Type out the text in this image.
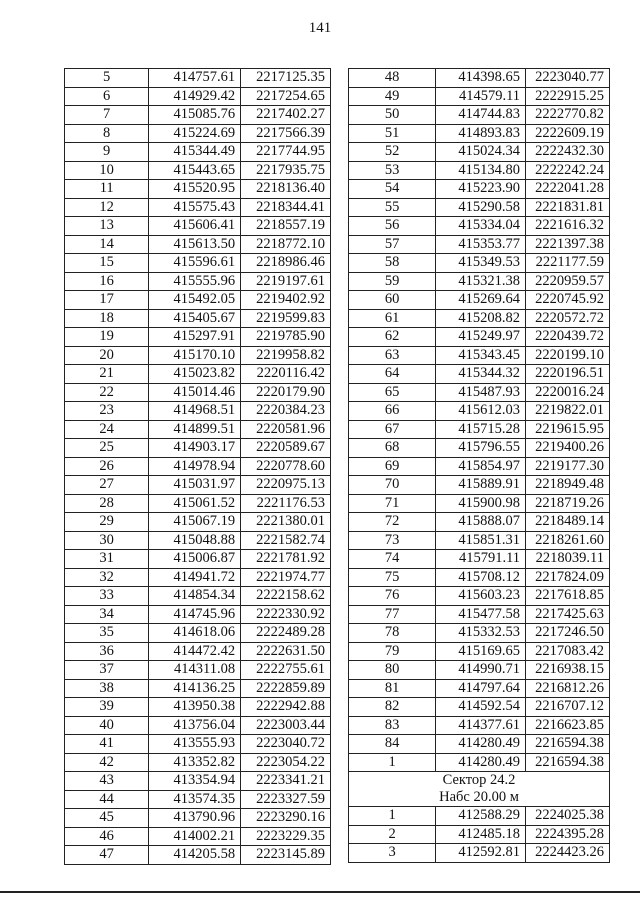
141
5	414757.61	2217125.35
6	414929.42	2217254.65
7	415085.76	2217402.27
8	415224.69	2217566.39
9	415344.49	2217744.95
10	415443.65	2217935.75
11	415520.95	2218136.40
12	415575.43	2218344.41
13	415606.41	2218557.19
14	415613.50	2218772.10
15	415596.61	2218986.46
16	415555.96	2219197.61
17	415492.05	2219402.92
18	415405.67	2219599.83
19	415297.91	2219785.90
20	415170.10	2219958.82
21	415023.82	2220116.42
22	415014.46	2220179.90
23	414968.51	2220384.23
24	414899.51	2220581.96
25	414903.17	2220589.67
26	414978.94	2220778.60
27	415031.97	2220975.13
28	415061.52	2221176.53
29	415067.19	2221380.01
30	415048.88	2221582.74
31	415006.87	2221781.92
32	414941.72	2221974.77
33	414854.34	2222158.62
34	414745.96	2222330.92
35	414618.06	2222489.28
36	414472.42	2222631.50
37	414311.08	2222755.61
38	414136.25	2222859.89
39	413950.38	2222942.88
40	413756.04	2223003.44
41	413555.93	2223040.72
42	413352.82	2223054.22
43	413354.94	2223341.21
44	413574.35	2223327.59
45	413790.96	2223290.16
46	414002.21	2223229.35
47	414205.58	2223145.89
48	414398.65	2223040.77
49	414579.11	2222915.25
50	414744.83	2222770.82
51	414893.83	2222609.19
52	415024.34	2222432.30
53	415134.80	2222242.24
54	415223.90	2222041.28
55	415290.58	2221831.81
56	415334.04	2221616.32
57	415353.77	2221397.38
58	415349.53	2221177.59
59	415321.38	2220959.57
60	415269.64	2220745.92
61	415208.82	2220572.72
62	415249.97	2220439.72
63	415343.45	2220199.10
64	415344.32	2220196.51
65	415487.93	2220016.24
66	415612.03	2219822.01
67	415715.28	2219615.95
68	415796.55	2219400.26
69	415854.97	2219177.30
70	415889.91	2218949.48
71	415900.98	2218719.26
72	415888.07	2218489.14
73	415851.31	2218261.60
74	415791.11	2218039.11
75	415708.12	2217824.09
76	415603.23	2217618.85
77	415477.58	2217425.63
78	415332.53	2217246.50
79	415169.65	2217083.42
80	414990.71	2216938.15
81	414797.64	2216812.26
82	414592.54	2216707.12
83	414377.61	2216623.85
84	414280.49	2216594.38
1	414280.49	2216594.38

Сектор 24.2
Набс 20.00 м		

1	412588.29	2224025.38
2	412485.18	2224395.28
3	412592.81	2224423.26
